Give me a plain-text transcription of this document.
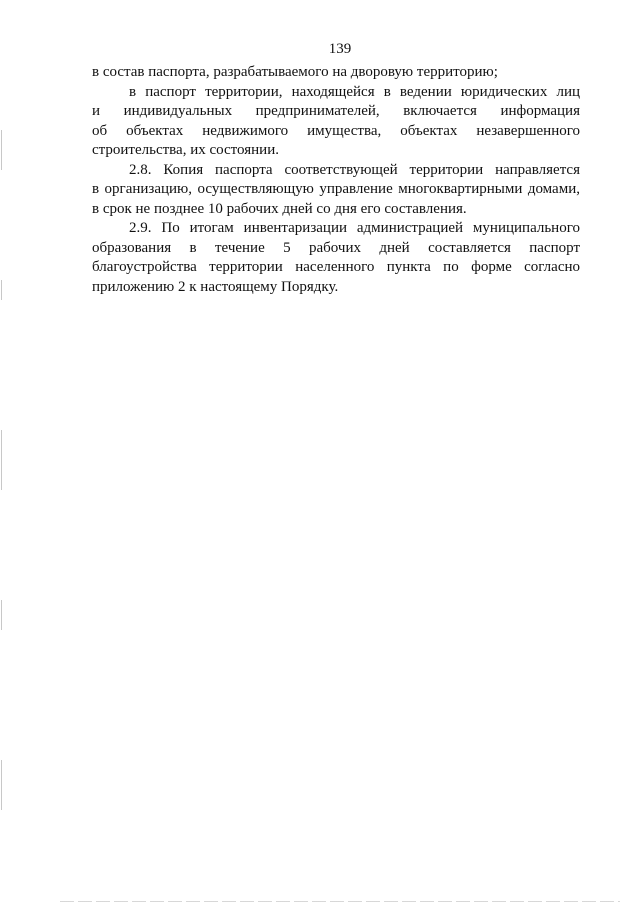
139
в состав паспорта, разрабатываемого на дворовую территорию;
в паспорт территории, находящейся в ведении юридических лиц
и индивидуальных предпринимателей, включается информация
об объектах недвижимого имущества, объектах незавершенного
строительства, их состоянии.
2.8. Копия паспорта соответствующей территории направляется
в организацию, осуществляющую управление многоквартирными домами,
в срок не позднее 10 рабочих дней со дня его составления.
2.9. По итогам инвентаризации администрацией муниципального
образования в течение 5 рабочих дней составляется паспорт
благоустройства территории населенного пункта по форме согласно
приложению 2 к настоящему Порядку.
